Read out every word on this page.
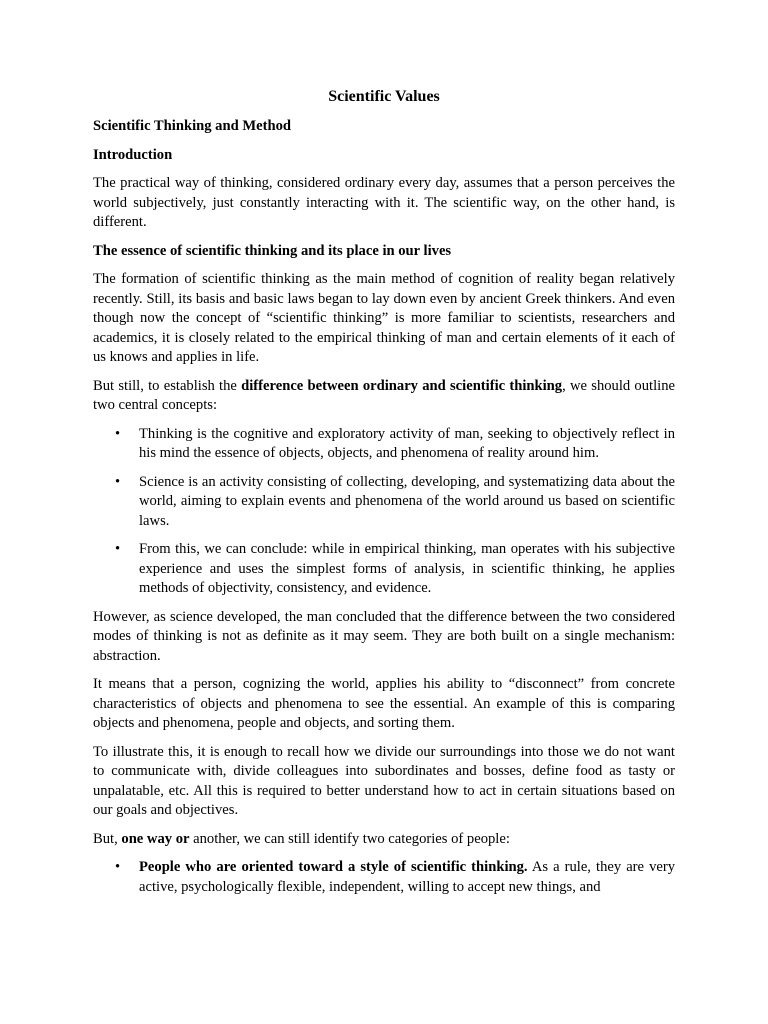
Scientific Values
Scientific Thinking and Method
Introduction

The practical way of thinking, considered ordinary every day, assumes that a person perceives the world subjectively, just constantly interacting with it. The scientific way, on the other hand, is different.

The essence of scientific thinking and its place in our lives

The formation of scientific thinking as the main method of cognition of reality began relatively recently. Still, its basis and basic laws began to lay down even by ancient Greek thinkers. And even though now the concept of “scientific thinking” is more familiar to scientists, researchers and academics, it is closely related to the empirical thinking of man and certain elements of it each of us knows and applies in life.

But still, to establish the difference between ordinary and scientific thinking, we should outline two central concepts:

• Thinking is the cognitive and exploratory activity of man, seeking to objectively reflect in his mind the essence of objects, objects, and phenomena of reality around him.
• Science is an activity consisting of collecting, developing, and systematizing data about the world, aiming to explain events and phenomena of the world around us based on scientific laws.
• From this, we can conclude: while in empirical thinking, man operates with his subjective experience and uses the simplest forms of analysis, in scientific thinking, he applies methods of objectivity, consistency, and evidence.

However, as science developed, the man concluded that the difference between the two considered modes of thinking is not as definite as it may seem. They are both built on a single mechanism: abstraction.

It means that a person, cognizing the world, applies his ability to “disconnect” from concrete characteristics of objects and phenomena to see the essential. An example of this is comparing objects and phenomena, people and objects, and sorting them.

To illustrate this, it is enough to recall how we divide our surroundings into those we do not want to communicate with, divide colleagues into subordinates and bosses, define food as tasty or unpalatable, etc. All this is required to better understand how to act in certain situations based on our goals and objectives.

But, one way or another, we can still identify two categories of people:

• People who are oriented toward a style of scientific thinking. As a rule, they are very active, psychologically flexible, independent, willing to accept new things, and
